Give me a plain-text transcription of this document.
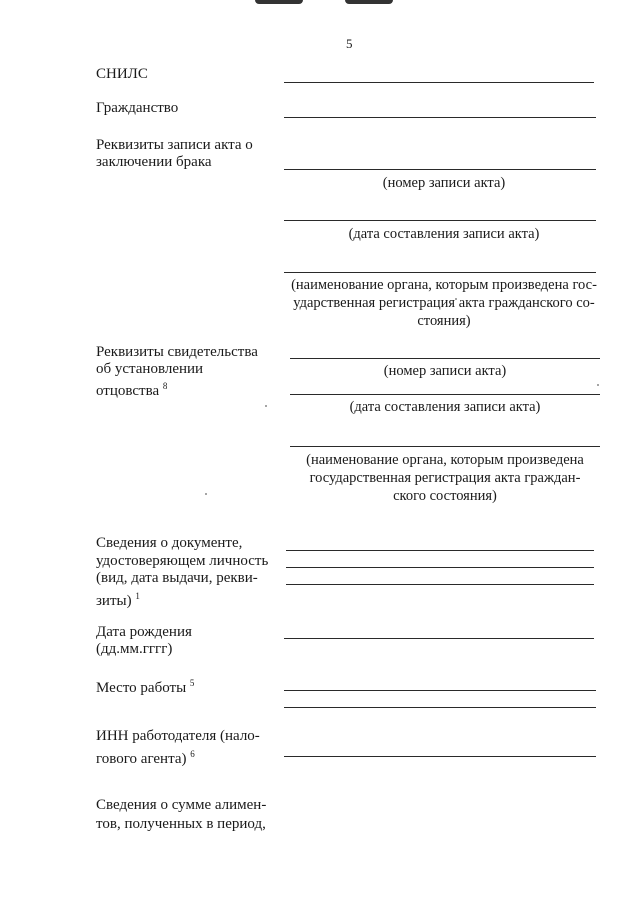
5
СНИЛС
Гражданство
Реквизиты записи акта о
заключении брака
(номер записи акта)
(дата составления записи акта)
(наименование органа, которым произведена гос-
ударственная регистрация акта гражданского со-
стояния)
Реквизиты свидетельства
об установлении
отцовства $^8$
(номер записи акта)
(дата составления записи акта)
(наименование органа, которым произведена
государственная регистрация акта граждан-
ского состояния)
Сведения о документе,
удостоверяющем личность
(вид, дата выдачи, рекви-
зиты) $^1$
Дата рождения
(дд.мм.гггг)
Место работы $^5$
ИНН работодателя (нало-
гового агента) $^6$
Сведения о сумме алимен-
тов, полученных в период,
